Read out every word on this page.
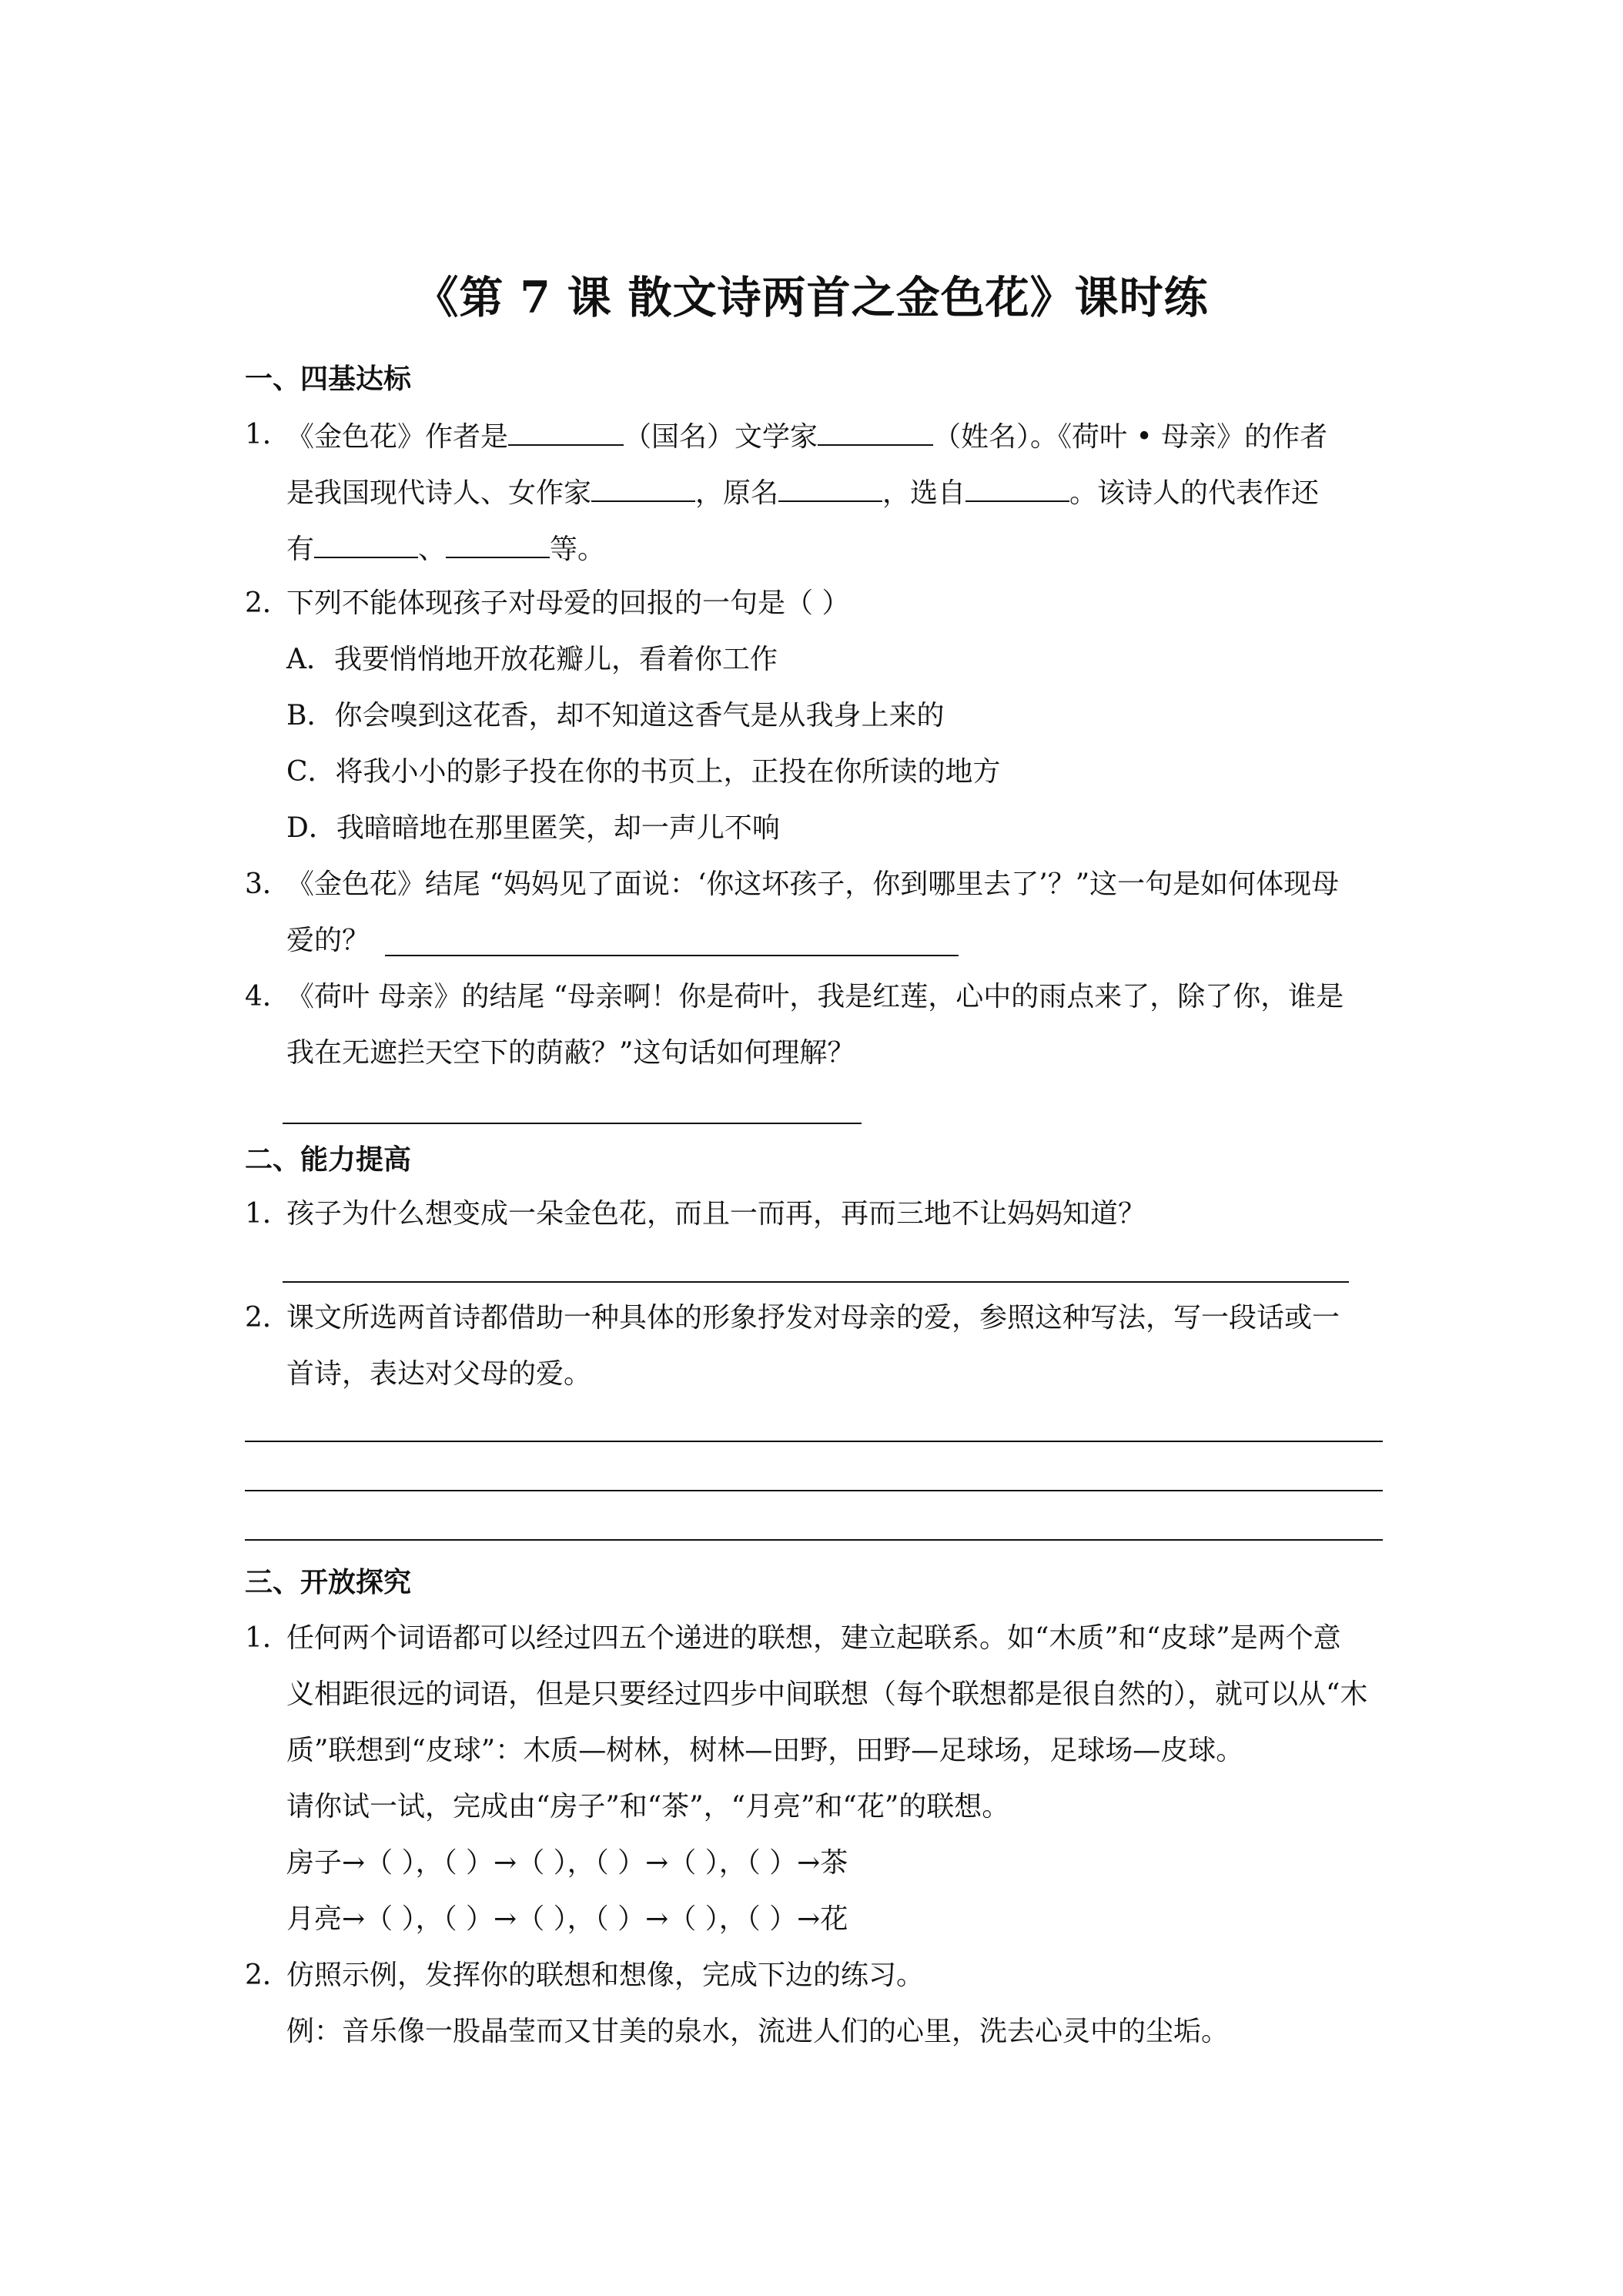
《第 7 课 散文诗两首之金色花》课时练
一、四基达标
1．
《金色花》作者是	（国名）文学家	（姓名）。《荷叶 • 母亲》的作者
是我国现代诗人、女作家	，原名	，选自	。该诗人的代表作还
有	、	等。
2．
下列不能体现孩子对母爱的回报的一句是（ ）
A．我要悄悄地开放花瓣儿，看着你工作
B．你会嗅到这花香，却不知道这香气是从我身上来的
C．将我小小的影子投在你的书页上，正投在你所读的地方
D．我暗暗地在那里匿笑，却一声儿不响
3．
《金色花》结尾 “妈妈见了面说：‘你这坏孩子，你到哪里去了’？”这一句是如何体现母
爱的？
4．
《荷叶 母亲》的结尾 “母亲啊！你是荷叶，我是红莲，心中的雨点来了，除了你，谁是
我在无遮拦天空下的荫蔽？”这句话如何理解？
二、能力提高
1．
孩子为什么想变成一朵金色花，而且一而再，再而三地不让妈妈知道？
2．
课文所选两首诗都借助一种具体的形象抒发对母亲的爱，参照这种写法，写一段话或一
首诗，表达对父母的爱。
三、开放探究
1．
任何两个词语都可以经过四五个递进的联想，建立起联系。如“木质”和“皮球”是两个意
义相距很远的词语，但是只要经过四步中间联想（每个联想都是很自然的），就可以从“木
质”联想到“皮球”：木质—树林，树林—田野，田野—足球场，足球场—皮球。
请你试一试，完成由“房子”和“茶”，“月亮”和“花”的联想。
房子→（ ），（ ）→（ ），（ ）→（ ），（ ）→茶
月亮→（ ），（ ）→（ ），（ ）→（ ），（ ）→花
2．
仿照示例，发挥你的联想和想像，完成下边的练习。
例：音乐像一股晶莹而又甘美的泉水，流进人们的心里，洗去心灵中的尘垢。
